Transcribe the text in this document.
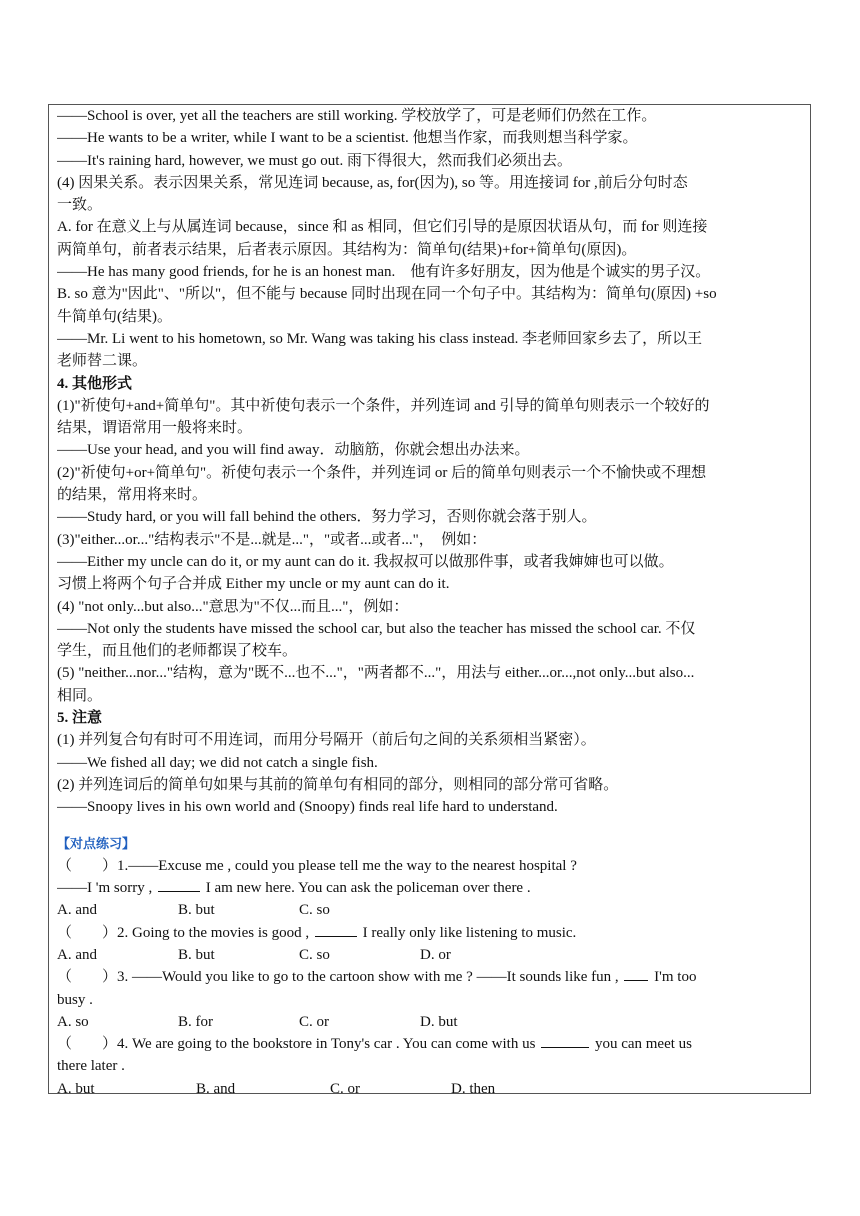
——School is over, yet all the teachers are still working. 学校放学了，可是老师们仍然在工作。
——He wants to be a writer, while I want to be a scientist. 他想当作家，而我则想当科学家。
——It's raining hard, however, we must go out. 雨下得很大，然而我们必须出去。
(4) 因果关系。表示因果关系，常见连词 because, as, for(因为), so 等。用连接词 for ,前后分句时态
一致。
A. for 在意义上与从属连词 because，since 和 as 相同，但它们引导的是原因状语从句，而 for 则连接
两简单句，前者表示结果，后者表示原因。其结构为：简单句(结果)+for+简单句(原因)。
——He has many good friends, for he is an honest man.　他有许多好朋友，因为他是个诚实的男子汉。
B. so 意为"因此"、"所以"，但不能与 because 同时出现在同一个句子中。其结构为：简单句(原因) +so
牛简单句(结果)。
——Mr. Li went to his hometown, so Mr. Wang was taking his class instead. 李老师回家乡去了，所以王
老师替二课。
4. 其他形式
(1)"祈使句+and+简单句"。其中祈使句表示一个条件，并列连词 and 引导的简单句则表示一个较好的
结果，谓语常用一般将来时。
——Use your head, and you will find away．动脑筋，你就会想出办法来。
(2)"祈使句+or+简单句"。祈使句表示一个条件，并列连词 or 后的简单句则表示一个不愉快或不理想
的结果，常用将来时。
——Study hard, or you will fall behind the others．努力学习，否则你就会落于别人。
(3)"either...or..."结构表示"不是...就是..."，"或者...或者..."，　例如：
——Either my uncle can do it, or my aunt can do it. 我叔叔可以做那件事，或者我婶婶也可以做。
习惯上将两个句子合并成 Either my uncle or my aunt can do it.
(4) "not only...but also..."意思为"不仅...而且..."，例如：
——Not only the students have missed the school car, but also the teacher has missed the school car. 不仅
学生，而且他们的老师都误了校车。
(5) "neither...nor..."结构，意为"既不...也不..."，"两者都不..."，用法与 either...or...,not only...but also...
相同。
5. 注意
(1) 并列复合句有时可不用连词，而用分号隔开（前后句之间的关系须相当紧密）。
——We fished all day; we did not catch a single fish.
(2) 并列连词后的简单句如果与其前的简单句有相同的部分，则相同的部分常可省略。
——Snoopy lives in his own world and (Snoopy) finds real life hard to understand.
【对点练习】
（　　）1.——Excuse me , could you please tell me the way to the nearest hospital ?
——I 'm sorry ,	I am new here. You can ask the policeman over there .
A. and	B. but	C. so
（　　）2. Going to the movies is good ,	I really only like listening to music.
A. and	B. but	C. so	D. or
（　　）3. ——Would you like to go to the cartoon show with me ? ——It sounds like fun , I'm too
busy .
A. so	B. for	C. or	D. but
（　　）4. We are going to the bookstore in Tony's car . You can come with us	you can meet us
there later .
A. but	B. and	C. or	D. then
